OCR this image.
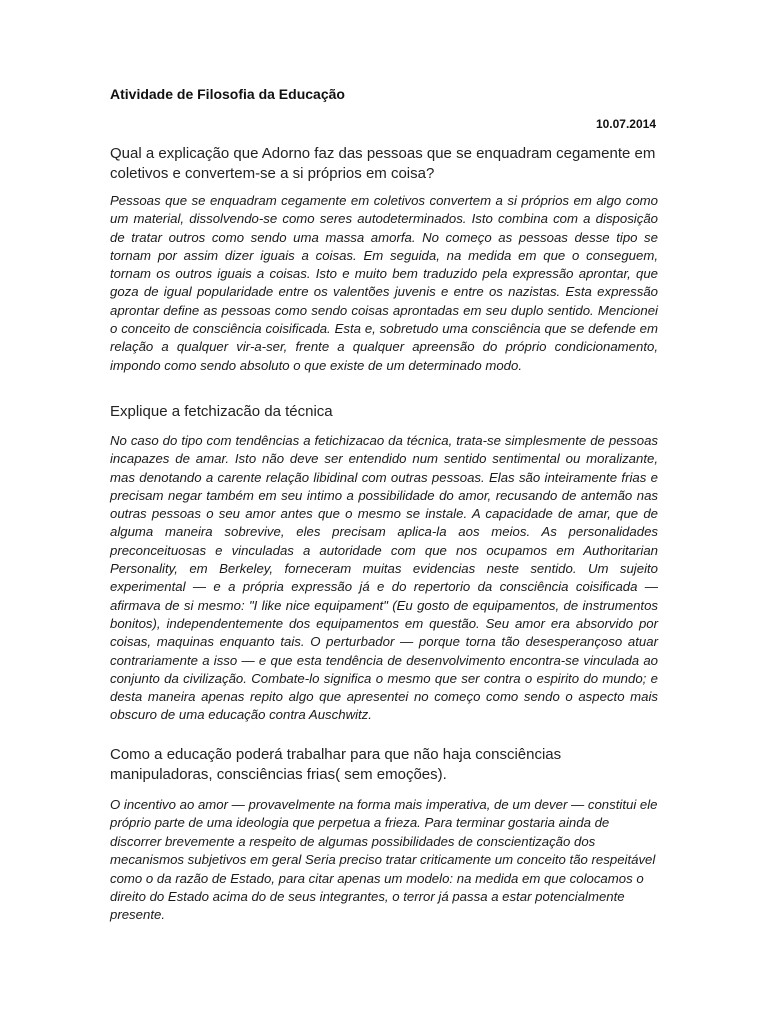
Atividade de Filosofia da Educação

10.07.2014

Qual a explicação que Adorno faz das pessoas que se enquadram cegamente em coletivos e convertem-se a si próprios em coisa?

Pessoas que se enquadram cegamente em coletivos convertem a si próprios em algo como um material, dissolvendo-se como seres autodeterminados. Isto combina com a disposição de tratar outros como sendo uma massa amorfa. No começo as pessoas desse tipo se tornam por assim dizer iguais a coisas. Em seguida, na medida em que o conseguem, tornam os outros iguais a coisas. Isto e muito bem traduzido pela expressão aprontar, que goza de igual popularidade entre os valentões juvenis e entre os nazistas. Esta expressão aprontar define as pessoas como sendo coisas aprontadas em seu duplo sentido. Mencionei o conceito de consciência coisificada. Esta e, sobretudo uma consciência que se defende em relação a qualquer vir-a-ser, frente a qualquer apreensão do próprio condicionamento, impondo como sendo absoluto o que existe de um determinado modo.

Explique a fetchizacão da técnica

No caso do tipo com tendências a fetichizacao da técnica, trata-se simplesmente de pessoas incapazes de amar. Isto não deve ser entendido num sentido sentimental ou moralizante, mas denotando a carente relação libidinal com outras pessoas. Elas são inteiramente frias e precisam negar também em seu intimo a possibilidade do amor, recusando de antemão nas outras pessoas o seu amor antes que o mesmo se instale. A capacidade de amar, que de alguma maneira sobrevive, eles precisam aplica-la aos meios. As personalidades preconceituosas e vinculadas a autoridade com que nos ocupamos em Authoritarian Personality, em Berkeley, forneceram muitas evidencias neste sentido. Um sujeito experimental — e a própria expressão já e do repertorio da consciência coisificada — afirmava de si mesmo: "I like nice equipament" (Eu gosto de equipamentos, de instrumentos bonitos), independentemente dos equipamentos em questão. Seu amor era absorvido por coisas, maquinas enquanto tais. O perturbador — porque torna tão desesperançoso atuar contrariamente a isso — e que esta tendência de desenvolvimento encontra-se vinculada ao conjunto da civilização. Combate-lo significa o mesmo que ser contra o espirito do mundo; e desta maneira apenas repito algo que apresentei no começo como sendo o aspecto mais obscuro de uma educação contra Auschwitz.

Como a educação poderá trabalhar para que não haja consciências manipuladoras, consciências frias( sem emoções).

O incentivo ao amor — provavelmente na forma mais imperativa, de um dever — constitui ele próprio parte de uma ideologia que perpetua a frieza. Para terminar gostaria ainda de discorrer brevemente a respeito de algumas possibilidades de conscientização dos mecanismos subjetivos em geral Seria preciso tratar criticamente um conceito tão respeitável como o da razão de Estado, para citar apenas um modelo: na medida em que colocamos o direito do Estado acima do de seus integrantes, o terror já passa a estar potencialmente presente.
